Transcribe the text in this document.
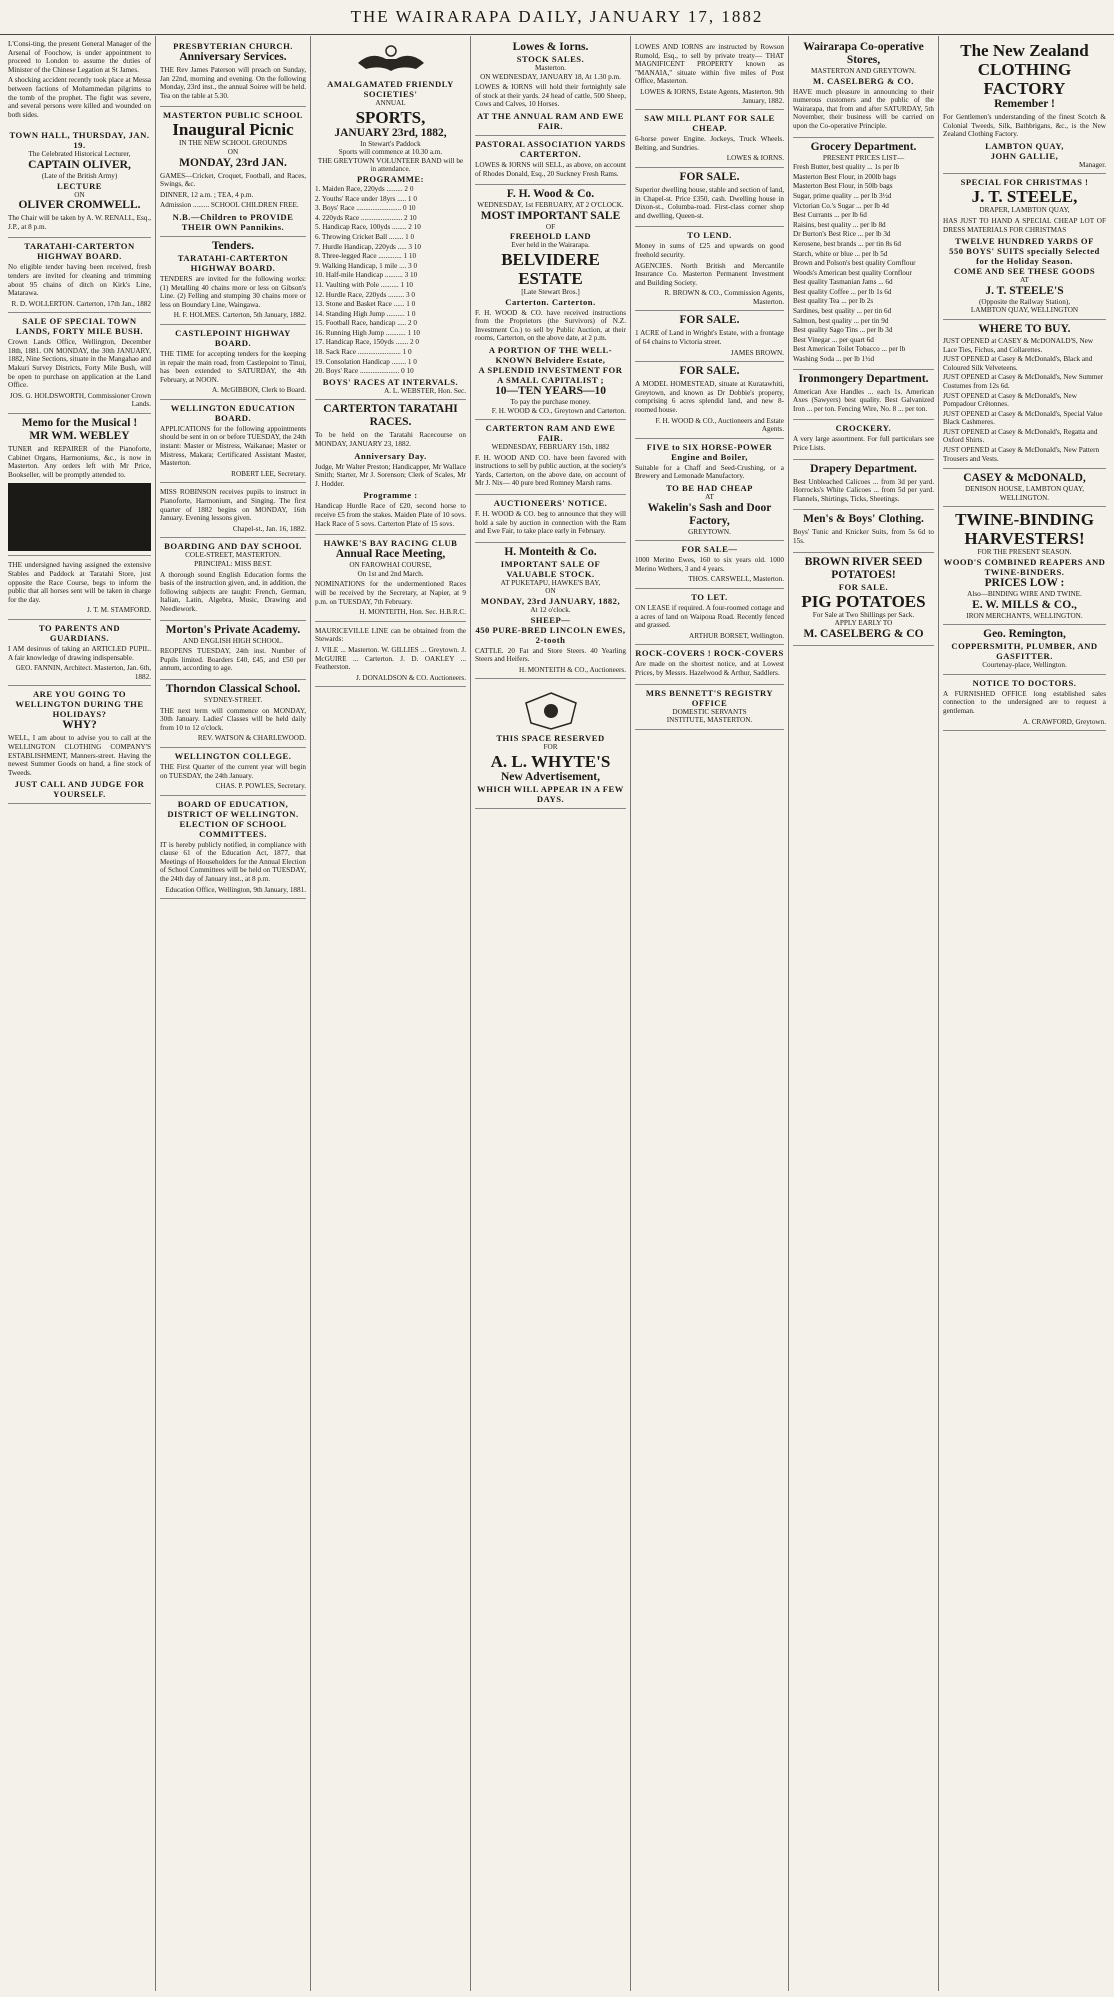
THE WAIRARAPA DAILY, JANUARY 17, 1882
L'Consi-ting, the present General Manager of the Arsenal of Foochow, is under appointment to proceed to London to assume the duties of Minister of the Chinese Legation at St James.
A shocking accident recently took place at Messa between factions of Mohammedan pilgrims to the tomb of the prophet. The fight was severe, and several persons were killed and wounded on both sides.
TOWN HALL, THURSDAY, JAN. 19.
The Celebrated Historical Lecturer,
CAPTAIN OLIVER,
(Late of the British Army)
LECTURE
ON
OLIVER CROMWELL.
The Chair will be taken by A. W. RENALL, Esq., J.P., at 8 p.m.
TARATAHI-CARTERTON HIGHWAY BOARD.
No eligible tender having been received, fresh tenders are invited for cleaning and trimming about 95 chains of ditch on Kirk's Line, Matarawa.
R. D. WOLLERTON. Carterton, 17th Jan., 1882
SALE OF SPECIAL TOWN LANDS, FORTY MILE BUSH.
Crown Lands Office, Wellington, December 18th, 1881. ON MONDAY, the 30th JANUARY, 1882, Nine Sections, situate in the Mangahao and Makuri Survey Districts, Forty Mile Bush, will be open to purchase on application at the Land Office.
JOS. G. HOLDSWORTH, Commissioner Crown Lands.
Memo for the Musical !
MR WM. WEBLEY
TUNER and REPAIRER of the Pianoforte, Cabinet Organs, Harmoniums, &c., is now in Masterton. Any orders left with Mr Price, Bookseller, will be promptly attended to.
THE undersigned having assigned the extensive Stables and Paddock at Taratahi Store, just opposite the Race Course, begs to inform the public that all horses sent will be taken in charge for the day.
J. T. M. STAMFORD.
TO PARENTS AND GUARDIANS.
I AM desirous of taking an ARTICLED PUPIL. A fair knowledge of drawing indispensable.
GEO. FANNIN, Architect. Masterton, Jan. 6th, 1882.
ARE YOU GOING TO WELLINGTON DURING THE HOLIDAYS?
WHY?
WELL, I am about to advise you to call at the WELLINGTON CLOTHING COMPANY'S ESTABLISHMENT, Manners-street. Having the newest Summer Goods on hand, a fine stock of Tweeds.
JUST CALL AND JUDGE FOR YOURSELF.
PRESBYTERIAN CHURCH.
Anniversary Services.
THE Rev James Paterson will preach on Sunday, Jan 22nd, morning and evening. On the following Monday, 23rd inst., the annual Soiree will be held. Tea on the table at 5.30.
MASTERTON PUBLIC SCHOOL
Inaugural Picnic
IN THE NEW SCHOOL GROUNDS
ON
MONDAY, 23rd JAN.
GAMES—Cricket, Croquet, Football, and Races, Swings, &c.
DINNER, 12 a.m. ; TEA, 4 p.m.
Admission ......... SCHOOL CHILDREN FREE.
N.B.—Children to PROVIDE THEIR OWN Pannikins.
Tenders.
TARATAHI-CARTERTON HIGHWAY BOARD.
TENDERS are invited for the following works: (1) Metalling 40 chains more or less on Gibson's Line. (2) Felling and stumping 30 chains more or less on Boundary Line, Waingawa.
H. F. HOLMES. Carterton, 5th January, 1882.
CASTLEPOINT HIGHWAY BOARD.
THE TIME for accepting tenders for the keeping in repair the main road, from Castlepoint to Tinui, has been extended to SATURDAY, the 4th February, at NOON.
A. McGIBBON, Clerk to Board.
WELLINGTON EDUCATION BOARD.
APPLICATIONS for the following appointments should be sent in on or before TUESDAY, the 24th instant: Master or Mistress, Waikanae; Master or Mistress, Makara; Certificated Assistant Master, Masterton.
ROBERT LEE, Secretary.
MISS ROBINSON receives pupils to instruct in Pianoforte, Harmonium, and Singing. The first quarter of 1882 begins on MONDAY, 16th January. Evening lessons given.
Chapel-st., Jan. 16, 1882.
BOARDING AND DAY SCHOOL
COLE-STREET, MASTERTON.
PRINCIPAL: MISS BEST.
A thorough sound English Education forms the basis of the instruction given, and, in addition, the following subjects are taught: French, German, Italian, Latin, Algebra, Music, Drawing and Needlework.
Morton's Private Academy.
AND ENGLISH HIGH SCHOOL.
REOPENS TUESDAY, 24th inst. Number of Pupils limited. Boarders £40, £45, and £50 per annum, according to age.
Thorndon Classical School.
SYDNEY-STREET.
THE next term will commence on MONDAY, 30th January. Ladies' Classes will be held daily from 10 to 12 o'clock.
REV. WATSON & CHARLEWOOD.
WELLINGTON COLLEGE.
THE First Quarter of the current year will begin on TUESDAY, the 24th January.
CHAS. P. POWLES, Secretary.
BOARD OF EDUCATION, DISTRICT OF WELLINGTON.
ELECTION OF SCHOOL COMMITTEES.
IT is hereby publicly notified, in compliance with clause 61 of the Education Act, 1877, that Meetings of Householders for the Annual Election of School Committees will be held on TUESDAY, the 24th day of January inst., at 8 p.m.
Education Office, Wellington, 9th January, 1881.
AMALGAMATED FRIENDLY SOCIETIES'
ANNUAL
SPORTS,
JANUARY 23rd, 1882,
In Stewart's Paddock
Sports will commence at 10.30 a.m.
THE GREYTOWN VOLUNTEER BAND will be in attendance.
PROGRAMME:
1. Maiden Race, 220yds ......... 2 0
2. Youths' Race under 18yrs ..... 1 0
3. Boys' Race ......................... 0 10
4. 220yds Race ....................... 2 10
5. Handicap Race, 100yds ........ 2 10
6. Throwing Cricket Ball ........ 1 0
7. Hurdle Handicap, 220yds ..... 3 10
8. Three-legged Race ............. 1 10
9. Walking Handicap, 1 mile .... 3 0
10. Half-mile Handicap .......... 3 10
11. Vaulting with Pole .......... 1 10
12. Hurdle Race, 220yds ......... 3 0
13. Stone and Basket Race ...... 1 0
14. Standing High Jump .......... 1 0
15. Football Race, handicap ..... 2 0
16. Running High Jump ........... 1 10
17. Handicap Race, 150yds ....... 2 0
18. Sack Race ........................ 1 0
19. Consolation Handicap ........ 1 0
20. Boys' Race ...................... 0 10
BOYS' RACES AT INTERVALS.
A. L. WEBSTER, Hon. Sec.
CARTERTON TARATAHI RACES.
To be held on the Taratahi Racecourse on MONDAY, JANUARY 23, 1882.
Anniversary Day.
Judge, Mr Walter Preston; Handicapper, Mr Wallace Smith; Starter, Mr J. Sorenson; Clerk of Scales, Mr J. Hodder.
Programme :
Handicap Hurdle Race of £20, second horse to receive £5 from the stakes. Maiden Plate of 10 sovs. Hack Race of 5 sovs. Carterton Plate of 15 sovs.
HAWKE'S BAY RACING CLUB
Annual Race Meeting,
ON FAROWHAI COURSE,
On 1st and 2nd March.
NOMINATIONS for the undermentioned Races will be received by the Secretary, at Napier, at 9 p.m. on TUESDAY, 7th February.
H. MONTEITH, Hon. Sec. H.B.R.C.
MAURICEVILLE LINE can be obtained from the Stewards:
J. VILE ... Masterton. W. GILLIES ... Greytown. J. McGUIRE ... Carterton. J. D. OAKLEY ... Featherston.
J. DONALDSON & CO. Auctioneers.
Lowes & Iorns.
STOCK SALES.
Masterton.
ON WEDNESDAY, JANUARY 18, At 1.30 p.m.
LOWES & IORNS will hold their fortnightly sale of stock at their yards. 24 head of cattle, 500 Sheep, Cows and Calves, 10 Horses.
AT THE ANNUAL RAM AND EWE FAIR.
PASTORAL ASSOCIATION YARDS CARTERTON.
LOWES & IORNS will SELL, as above, on account of Rhodes Donald, Esq., 20 Suckney Fresh Rams.
F. H. Wood & Co.
WEDNESDAY, 1st FEBRUARY, AT 2 O'CLOCK.
MOST IMPORTANT SALE
OF
FREEHOLD LAND
Ever held in the Wairarapa.
BELVIDERE ESTATE
[Late Stewart Bros.]
Carterton. Carterton.
F. H. WOOD & CO. have received instructions from the Proprietors (the Survivors) of N.Z. Investment Co.) to sell by Public Auction, at their rooms, Carterton, on the above date, at 2 p.m.
A PORTION OF THE WELL-KNOWN Belvidere Estate,
A SPLENDID INVESTMENT FOR A SMALL CAPITALIST ;
10—TEN YEARS—10
To pay the purchase money.
F. H. WOOD & CO., Greytown and Carterton.
CARTERTON RAM AND EWE FAIR.
WEDNESDAY, FEBRUARY 15th, 1882
F. H. WOOD AND CO. have been favored with instructions to sell by public auction, at the society's Yards, Carterton, on the above date, on account of Mr J. Nix— 40 pure bred Romney Marsh rams.
AUCTIONEERS' NOTICE.
F. H. WOOD & CO. beg to announce that they will hold a sale by auction in connection with the Ram and Ewe Fair, to take place early in February.
H. Monteith & Co.
IMPORTANT SALE OF VALUABLE STOCK.
AT PUKETAPU, HAWKE'S BAY,
ON
MONDAY, 23rd JANUARY, 1882,
At 12 o'clock.
SHEEP—
450 PURE-BRED LINCOLN EWES, 2-tooth
CATTLE. 20 Fat and Store Steers. 40 Yearling Steers and Heifers.
H. MONTEITH & CO., Auctioneers.
THIS SPACE RESERVED
FOR
A. L. WHYTE'S
New Advertisement,
WHICH WILL APPEAR IN A FEW DAYS.
LOWES AND IORNS are instructed by Rowson Rumold, Esq., to sell by private treaty— THAT MAGNIFICENT PROPERTY known as "MANAIA," situate within five miles of Post Office, Masterton.
LOWES & IORNS, Estate Agents, Masterton. 9th January, 1882.
SAW MILL PLANT FOR SALE CHEAP.
6-horse power Engine. Jockeys, Truck Wheels. Belting, and Sundries.
LOWES & IORNS.
FOR SALE.
Superior dwelling house, stable and section of land, in Chapel-st. Price £350, cash. Dwelling house in Dixon-st., Columba-road. First-class corner shop and dwelling, Queen-st.
TO LEND.
Money in sums of £25 and upwards on good freehold security.
AGENCIES. North British and Mercantile Insurance Co. Masterton Permanent Investment and Building Society.
R. BROWN & CO., Commission Agents, Masterton.
FOR SALE.
1 ACRE of Land in Wright's Estate, with a frontage of 64 chains to Victoria street.
JAMES BROWN.
FOR SALE.
A MODEL HOMESTEAD, situate at Kuratawhiti, Greytown, and known as Dr Dobbie's property, comprising 6 acres splendid land, and new 8-roomed house.
F. H. WOOD & CO., Auctioneers and Estate Agents.
FIVE to SIX HORSE-POWER Engine and Boiler,
Suitable for a Chaff and Seed-Crushing, or a Brewery and Lemonade Manufactory.
TO BE HAD CHEAP
AT
Wakelin's Sash and Door Factory,
GREYTOWN.
FOR SALE—
1000 Merino Ewes, 160 to six years old. 1000 Merino Wethers, 3 and 4 years.
THOS. CARSWELL, Masterton.
TO LET.
ON LEASE if required. A four-roomed cottage and a acres of land on Waipoua Road. Recently fenced and grassed.
ARTHUR BORSET, Wellington.
ROCK-COVERS ! ROCK-COVERS
Are made on the shortest notice, and at Lowest Prices, by Messrs. Hazelwood & Arthur, Saddlers.
MRS BENNETT'S REGISTRY OFFICE
DOMESTIC SERVANTS
INSTITUTE, MASTERTON.
Wairarapa Co-operative Stores,
MASTERTON AND GREYTOWN.
M. CASELBERG & CO.
HAVE much pleasure in announcing to their numerous customers and the public of the Wairarapa, that from and after SATURDAY, 5th November, their business will be carried on upon the Co-operative Principle.
Grocery Department.
PRESENT PRICES LIST—
Fresh Butter, best quality ... 1s per lb
Masterton Best Flour, in 200lb bags
Masterton Best Flour, in 50lb bags
Sugar, prime quality ... per lb 3½d
Victorian Co.'s Sugar ... per lb 4d
Best Currants ... per lb 6d
Raisins, best quality ... per lb 8d
Dr Burton's Best Rice ... per lb 3d
Kerosene, best brands ... per tin 8s 6d
Starch, white or blue ... per lb 5d
Brown and Polson's best quality Cornflour
Woods's American best quality Cornflour
Best quality Tasmanian Jams ... 6d
Best quality Coffee ... per lb 1s 6d
Best quality Tea ... per lb 2s
Sardines, best quality ... per tin 6d
Salmon, best quality ... per tin 9d
Best quality Sago Tins ... per lb 3d
Best Vinegar ... per quart 6d
Best American Toilet Tobacco ... per lb
Washing Soda ... per lb 1½d
Ironmongery Department.
American Axe Handles ... each 1s. American Axes (Sawyers) best quality. Best Galvanized Iron ... per ton. Fencing Wire, No. 8 ... per ton.
CROCKERY.
A very large assortment. For full particulars see Price Lists.
Drapery Department.
Best Unbleached Calicoes ... from 3d per yard. Horrocks's White Calicoes ... from 5d per yard. Flannels, Shirtings, Ticks, Sheetings.
Men's & Boys' Clothing.
Boys' Tunic and Knicker Suits, from 5s 6d to 15s.
BROWN RIVER SEED POTATOES!
FOR SALE.
PIG POTATOES
For Sale at Two Shillings per Sack.
APPLY EARLY TO
M. CASELBERG & CO
The New Zealand CLOTHING FACTORY
Remember !
For Gentlemen's understanding of the finest Scotch & Colonial Tweeds, Silk, Bathbrigans, &c., is the New Zealand Clothing Factory.
LAMBTON QUAY,
JOHN GALLIE,
Manager.
SPECIAL FOR CHRISTMAS !
J. T. STEELE,
DRAPER, LAMBTON QUAY,
HAS JUST TO HAND A SPECIAL CHEAP LOT OF DRESS MATERIALS FOR CHRISTMAS
TWELVE HUNDRED YARDS OF
550 BOYS' SUITS specially Selected for the Holiday Season.
COME AND SEE THESE GOODS
AT
J. T. STEELE'S
(Opposite the Railway Station),
LAMBTON QUAY, WELLINGTON
WHERE TO BUY.
JUST OPENED at CASEY & McDONALD'S, New Lace Ties, Fichus, and Collarettes.
JUST OPENED at Casey & McDonald's, Black and Coloured Silk Velveteens.
JUST OPENED at Casey & McDonald's, New Summer Costumes from 12s 6d.
JUST OPENED at Casey & McDonald's, New Pompadour Crêtonnes.
JUST OPENED at Casey & McDonald's, Special Value Black Cashmeres.
JUST OPENED at Casey & McDonald's, Regatta and Oxford Shirts.
JUST OPENED at Casey & McDonald's, New Pattern Trousers and Vests.
CASEY & McDONALD,
DENISON HOUSE, LAMBTON QUAY, WELLINGTON.
TWINE-BINDING HARVESTERS!
FOR THE PRESENT SEASON.
WOOD'S COMBINED REAPERS AND TWINE-BINDERS.
PRICES LOW :
Also—BINDING WIRE AND TWINE.
E. W. MILLS & CO.,
IRON MERCHANTS, WELLINGTON.
Geo. Remington,
COPPERSMITH, PLUMBER, AND GASFITTER.
Courtenay-place, Wellington.
NOTICE TO DOCTORS.
A FURNISHED OFFICE long established sales connection to the undersigned are to request a gentleman.
A. CRAWFORD, Greytown.
